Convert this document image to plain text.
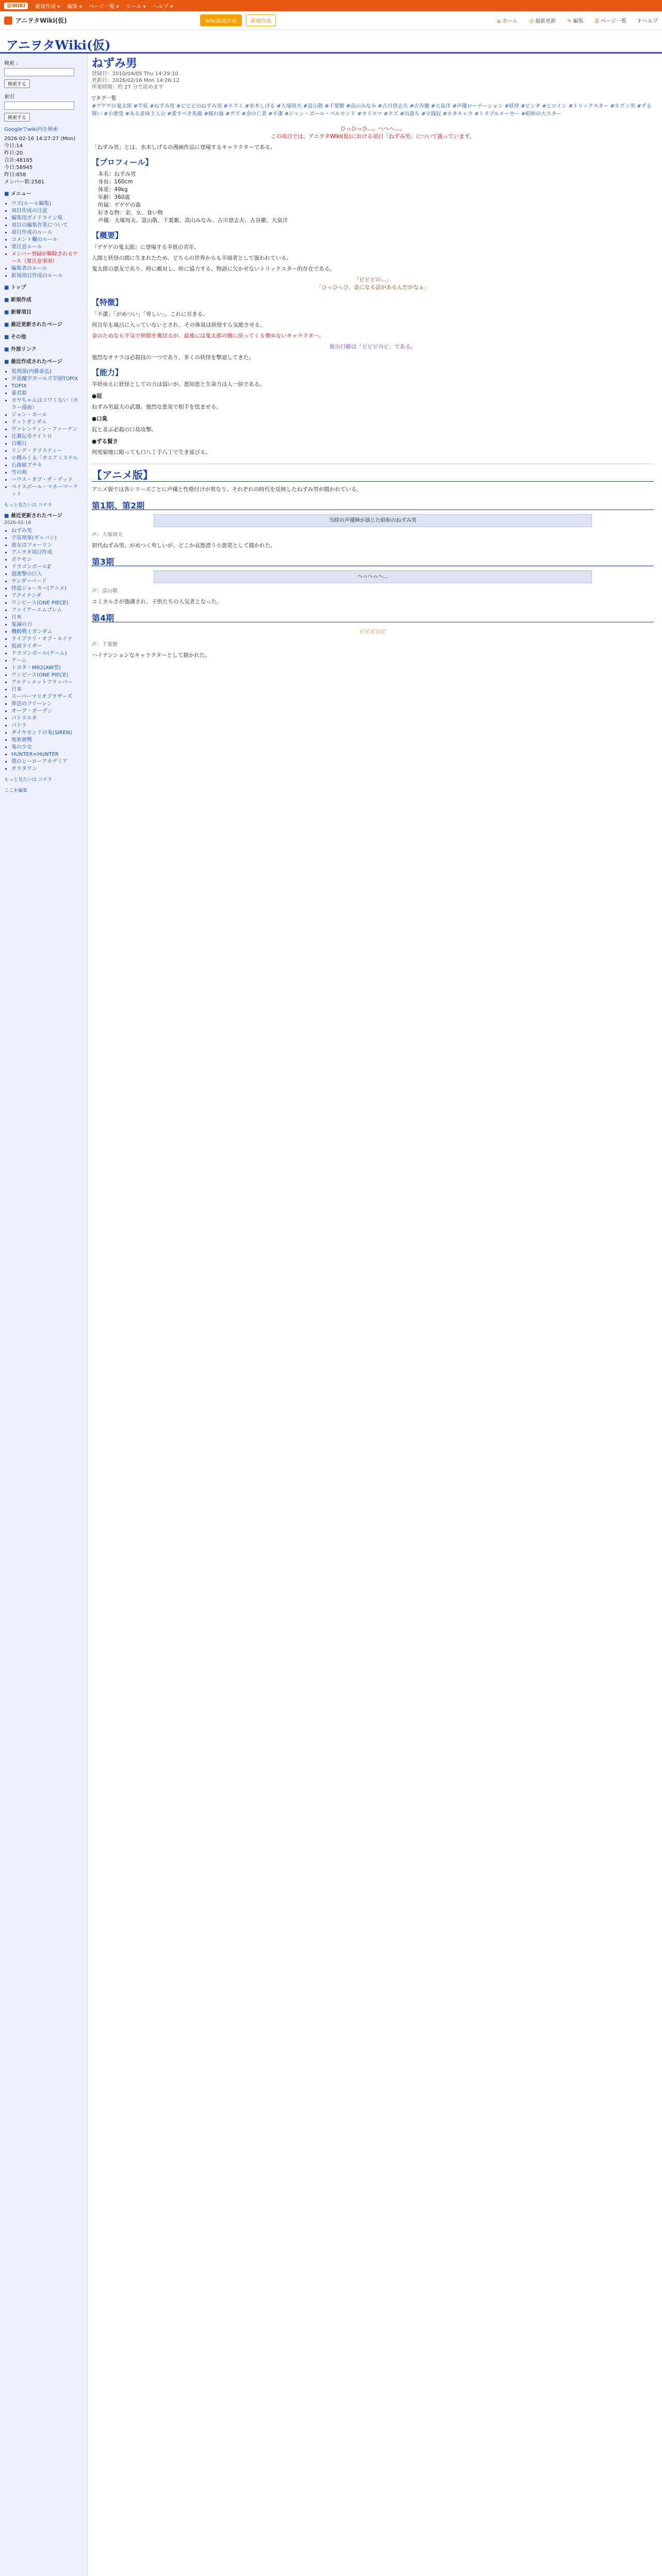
@WIKI	新規作成 ▾ 編集 ▾ ページ一覧 ▾ ツール ▾ ヘルプ ▾
アニヲタWiki(仮)	Wiki新規作成	新規作成	⌂ ホーム ◷ 最新更新 ✎ 編集 ☰ ページ一覧 ? ヘルプ
アニヲタWiki(仮)
検索 :
検索する
索引
検索する
Googleでwiki内を検索
2026-02-16 14:27:27 (Mon)
今日:14
昨日:20
合計:48165
今日:58945
昨日:858
メンバー数:2581
■ メニュー
• ウズ(ルール編集)
• 項目作成の注意
• 編集用ガイドライン集
• 項目の編集作業について
• 項目作成のルール
• コメント欄のルール
• 要注意ルール
• メンバー登録が解除されるケース（要注意事項）
• 編集者のルール
• 新規項目作成のルール
■ トップ
■ 新規作成
■ 新着項目
■ 最近更新されたページ
■ その他
■ 外部リンク
■ 最近作成されたページ
• 処刑部(内藤泰弘)
• 夕張魔学ガールズ学園TOPIX
• TOPIX
• 暴君姫
• カヤちゃんはコワくない（ホラー漫画）
• ジョン・カール
• ドットガンダム
• ヴァレンティン・ファーナン
• 比翼伝奇ナイトロ
• 日曜日
• リング・クリスティー
• 小樽みくる「オユアミステル
• 石森敏ブチキ
• 雪の剣
• ハウス・オブ・ザ・デッド
• ベイスボール・マネーマーケット
もっと見たいは コチラ
■ 最近更新されたページ
2026-02-16
• ねずみ男
• 宇宙刑事(ギャバン)
• 彼女はフォーリン
• アニヲタ項目作成
• ポケモン
• ドラゴンボールZ
• 超進撃の巨人
• サンダーバード
• 怪盗ジョーカー(アニメ)
• アクイナンダ
• ワンピース(ONE PIECE)
• ファイアーエムブレム
• 日本
• 鬼滅の刃
• 機動戦士ガンダム
• ライブラリ・オブ・ルイナ
• 仮面ライダー
• ドラゴンボール(ゲーム)
• ゲーム
• トヨタ・MR2(AW型)
• ワンピース(ONE PIECE)
• アルティメットフラッパー
• 日本
• スーパーマリオブラザーズ
• 葬送のフリーレン
• オーグ・ガーデン
• パトラスタ
• パトラ
• ダイヤモンドの鬼(SIREN)
• 呪術廻戦
• 鬼の少女
• HUNTER×HUNTER
• 僕のヒーローアカデミア
• オラタワン
もっと見たいは コチラ
ここを編集
ねずみ男
登録日：2010/04/05 Thu 14:29:10
更新日：2026/02/16 Mon 14:26:12
所要時間：約 27 分で読めます
▽タグ一覧
#ゲゲゲの鬼太郎 #半妖 #ねずみ男 #ビビビのねずみ男 #ネズミ #水木しげる #大塚周夫 #富山敬 #千葉繁 #高山みなみ #古川登志夫 #古谷徹 #大泉洋 #声優ローテーション #妖怪 #ビンタ #ヒロイン #トリックスター #ネズミ男 #ずる賢い #小悪党 #ある意味主人公 #愛すべき馬鹿 #腐れ縁 #グズ #金の亡者 #不潔 #ジャン・ポール・ベルモンド #カリスマ #クズ #出落ち #守銭奴 #ネタキャラ #トラブルメーカー #昭和の大スター
ひっひっひ…。へへへ…。
この項目では、アニヲタWiki(仮)における項目「ねずみ男」について扱っています。

「ねずみ男」とは、水木しげるの漫画作品に登場するキャラクターである。

【プロフィール】
本名：ねずみ男
身長：160cm
体重：49kg
年齢：360歳
所属：ゲゲゲの森
好きな物：金、女、食い物
声優：大塚周夫、富山敬、千葉繁、高山みなみ、古川登志夫、古谷徹、大泉洋
【概要】

『ゲゲゲの鬼太郎』に登場する半妖の青年。

人間と妖怪の間に生まれたため、どちらの世界からも半端者として扱われている。

鬼太郎の悪友であり、時に敵対し、時に協力する、物語に欠かせないトリックスター的存在である。

「ビビビの…」
「ひっひっひ、金になる話があるんだがなぁ」
【特徴】

「不潔」「がめつい」「卑しい」。これに尽きる。

何百年も風呂に入っていないとされ、その体臭は妖怪すら気絶させる。

金のためなら平気で仲間を裏切るが、最後には鬼太郎の側に戻ってくる憎めないキャラクター。

彼の口癖は「ビビビのビ」である。

強烈なオナラは必殺技の一つであり、多くの妖怪を撃退してきた。

【能力】

半妖ゆえに妖怪としての力は弱いが、悪知恵と生命力は人一倍である。

●屁

ねずみ男最大の武器。強烈な悪臭で相手を怯ませる。

●口臭

屁と並ぶ必殺の口臭攻撃。

●ずる賢さ

何度窮地に陥っても口八丁手八丁で生き延びる。

【アニメ版】

アニメ版では各シリーズごとに声優と性格付けが異なり、それぞれの時代を反映したねずみ男が描かれている。

第1期、第2期
当時の声優陣が演じた昭和のねずみ男
声：大塚周夫

初代ねずみ男。がめつく卑しいが、どこか哀愁漂う小悪党として描かれた。

第3期
へっへっへ…
声：富山敬

コミカルさが強調され、子供たちの人気者となった。

第4期
ビビビのビ
声：千葉繁

ハイテンションなキャラクターとして描かれた。
